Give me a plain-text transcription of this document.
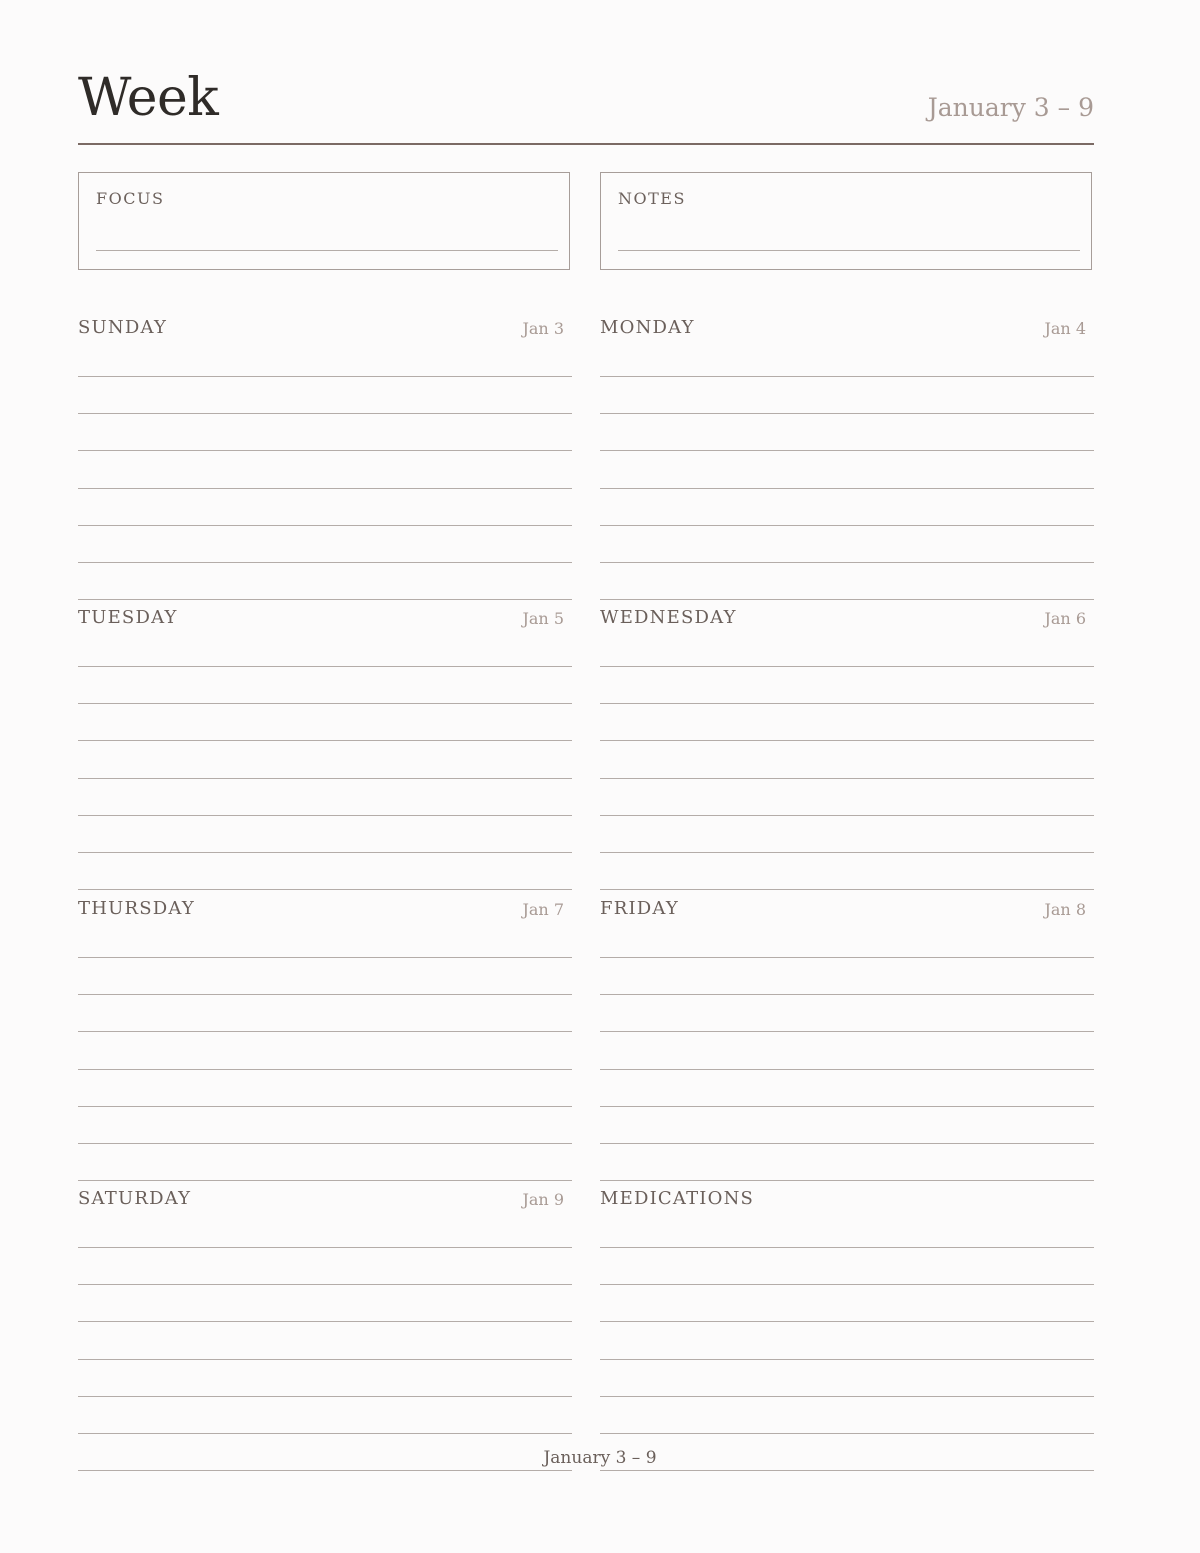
Week	January 3 – 9
FOCUS	NOTES
SUNDAY	Jan 3 MONDAY	Jan 4
TUESDAY	Jan 5 WEDNESDAY	Jan 6
THURSDAY	Jan 7 FRIDAY	Jan 8
SATURDAY	Jan 9 MEDICATIONS
January 3 – 9
